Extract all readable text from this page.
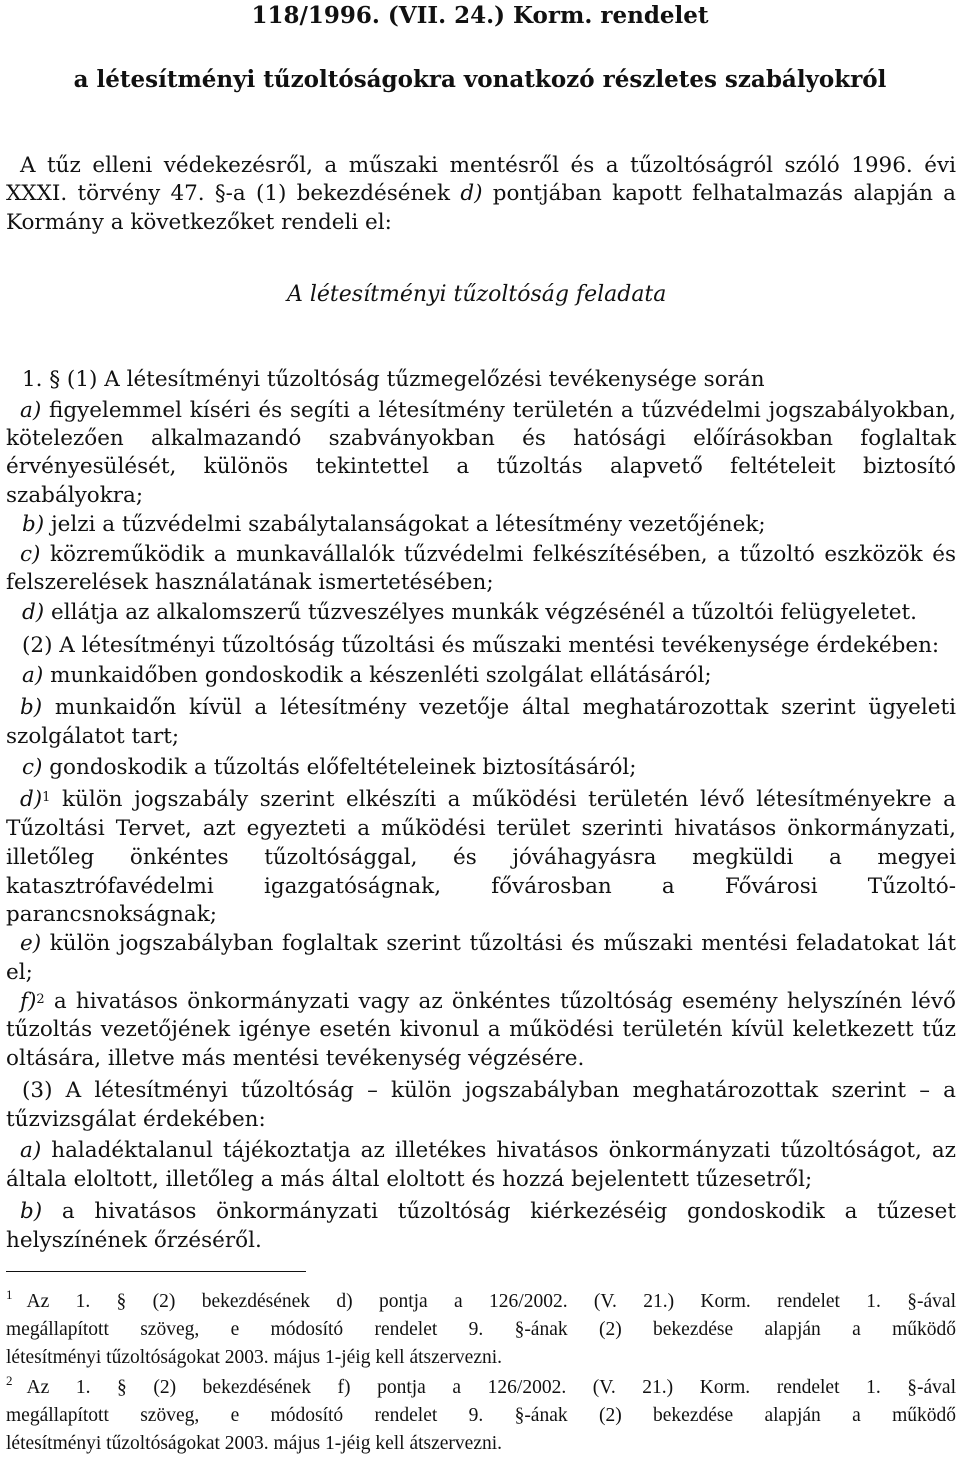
118/1996. (VII. 24.) Korm. rendelet
a létesítményi tűzoltóságokra vonatkozó részletes szabályokról
A tűz elleni védekezésről, a műszaki mentésről és a tűzoltóságról szóló 1996. évi
XXXI. törvény 47. §-a (1) bekezdésének d) pontjában kapott felhatalmazás alapján a
Kormány a következőket rendeli el:
A létesítményi tűzoltóság feladata
1. § (1) A létesítményi tűzoltóság tűzmegelőzési tevékenysége során
a) figyelemmel kíséri és segíti a létesítmény területén a tűzvédelmi jogszabályokban,
kötelezően alkalmazandó szabványokban és hatósági előírásokban foglaltak
érvényesülését, különös tekintettel a tűzoltás alapvető feltételeit biztosító
szabályokra;
b) jelzi a tűzvédelmi szabálytalanságokat a létesítmény vezetőjének;
c) közreműködik a munkavállalók tűzvédelmi felkészítésében, a tűzoltó eszközök és
felszerelések használatának ismertetésében;
d) ellátja az alkalomszerű tűzveszélyes munkák végzésénél a tűzoltói felügyeletet.
(2) A létesítményi tűzoltóság tűzoltási és műszaki mentési tevékenysége érdekében:
a) munkaidőben gondoskodik a készenléti szolgálat ellátásáról;
b) munkaidőn kívül a létesítmény vezetője által meghatározottak szerint ügyeleti
szolgálatot tart;
c) gondoskodik a tűzoltás előfeltételeinek biztosításáról;
d)$^1$ külön jogszabály szerint elkészíti a működési területén lévő létesítményekre a
Tűzoltási Tervet, azt egyezteti a működési terület szerinti hivatásos önkormányzati,
illetőleg önkéntes tűzoltósággal, és jóváhagyásra megküldi a megyei
katasztrófavédelmi igazgatóságnak, fővárosban a Fővárosi Tűzoltó-
parancsnokságnak;
e) külön jogszabályban foglaltak szerint tűzoltási és műszaki mentési feladatokat lát
el;
f)$^2$ a hivatásos önkormányzati vagy az önkéntes tűzoltóság esemény helyszínén lévő
tűzoltás vezetőjének igénye esetén kivonul a működési területén kívül keletkezett tűz
oltására, illetve más mentési tevékenység végzésére.
(3) A létesítményi tűzoltóság – külön jogszabályban meghatározottak szerint – a
tűzvizsgálat érdekében:
a) haladéktalanul tájékoztatja az illetékes hivatásos önkormányzati tűzoltóságot, az
általa eloltott, illetőleg a más által eloltott és hozzá bejelentett tűzesetről;
b) a hivatásos önkormányzati tűzoltóság kiérkezéséig gondoskodik a tűzeset
helyszínének őrzéséről.
$^1$ Az 1. § (2) bekezdésének d) pontja a 126/2002. (V. 21.) Korm. rendelet 1. §-ával
megállapított szöveg, e módosító rendelet 9. §-ának (2) bekezdése alapján a működő
létesítményi tűzoltóságokat 2003. május 1-jéig kell átszervezni.
$^2$ Az 1. § (2) bekezdésének f) pontja a 126/2002. (V. 21.) Korm. rendelet 1. §-ával
megállapított szöveg, e módosító rendelet 9. §-ának (2) bekezdése alapján a működő
létesítményi tűzoltóságokat 2003. május 1-jéig kell átszervezni.
